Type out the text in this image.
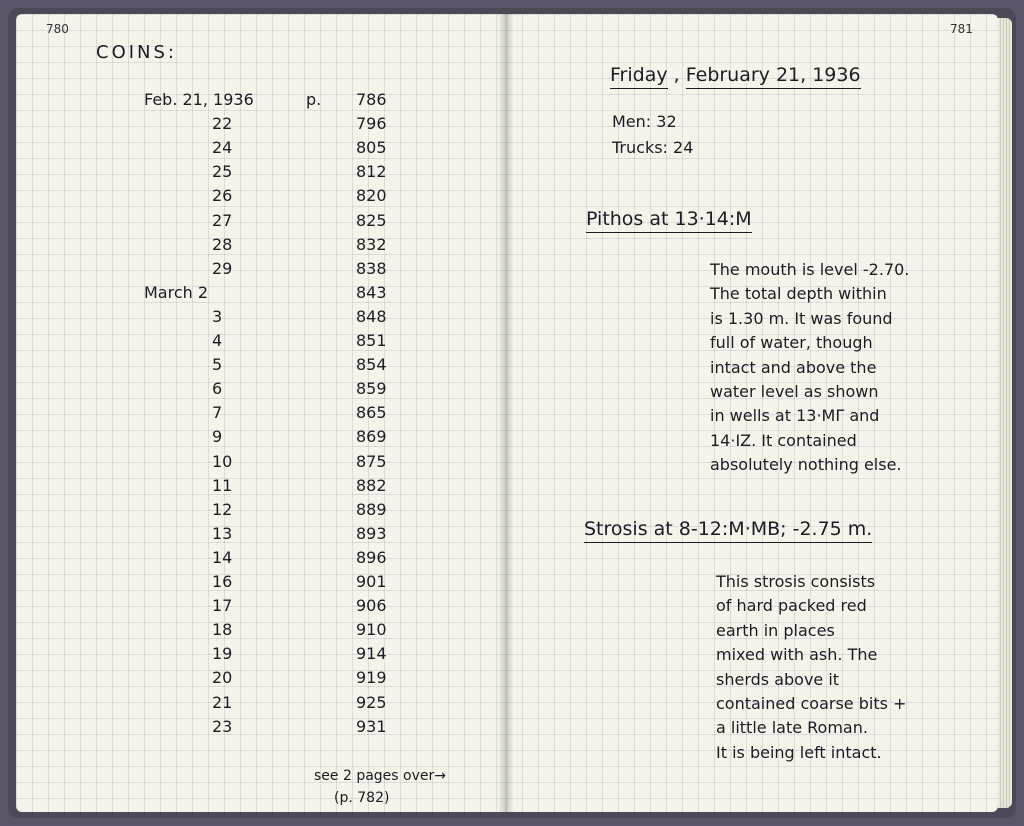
780
COINS:
Feb. 21, 1936	p. 786
22	796
24	805
25	812
26	820
27	825
28	832
29	838
March 2	843
3	848
4	851
5	854
6	859
7	865
9	869
10	875
11	882
12	889
13	893
14	896
16	901
17	906
18	910
19	914
20	919
21	925
23	931
see 2 pages over→
(p. 782)
781
Friday , February 21, 1936
Men: 32
Trucks: 24
Pithos at 13·14:M
The mouth is level -2.70.
The total depth within
is 1.30 m. It was found
full of water, though
intact and above the
water level as shown
in wells at 13·MΓ and
14·ΙΖ. It contained
absolutely nothing else.
Strosis at 8-12:M·MB; -2.75 m.
This strosis consists
of hard packed red
earth in places
mixed with ash. The
sherds above it
contained coarse bits +
a little late Roman.
It is being left intact.
